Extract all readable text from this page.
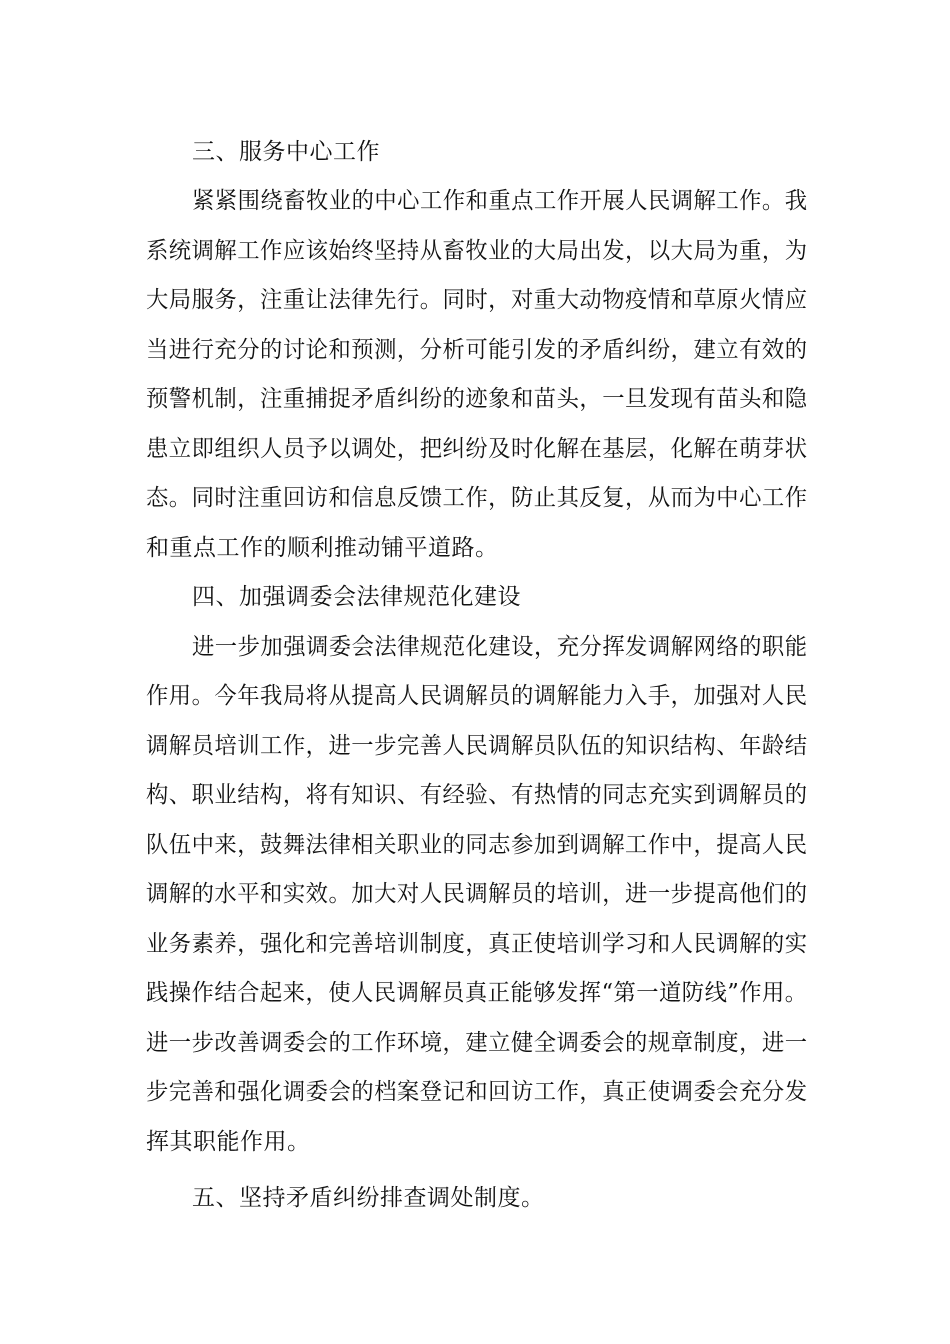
三、服务中心工作
紧紧围绕畜牧业的中心工作和重点工作开展人民调解工作。我
系统调解工作应该始终坚持从畜牧业的大局出发，以大局为重，为
大局服务，注重让法律先行。同时，对重大动物疫情和草原火情应
当进行充分的讨论和预测，分析可能引发的矛盾纠纷，建立有效的
预警机制，注重捕捉矛盾纠纷的迹象和苗头，一旦发现有苗头和隐
患立即组织人员予以调处，把纠纷及时化解在基层，化解在萌芽状
态。同时注重回访和信息反馈工作，防止其反复，从而为中心工作
和重点工作的顺利推动铺平道路。
四、加强调委会法律规范化建设
进一步加强调委会法律规范化建设，充分挥发调解网络的职能
作用。今年我局将从提高人民调解员的调解能力入手，加强对人民
调解员培训工作，进一步完善人民调解员队伍的知识结构、年龄结
构、职业结构，将有知识、有经验、有热情的同志充实到调解员的
队伍中来，鼓舞法律相关职业的同志参加到调解工作中，提高人民
调解的水平和实效。加大对人民调解员的培训，进一步提高他们的
业务素养，强化和完善培训制度，真正使培训学习和人民调解的实
践操作结合起来，使人民调解员真正能够发挥“第一道防线”作用。
进一步改善调委会的工作环境，建立健全调委会的规章制度，进一
步完善和强化调委会的档案登记和回访工作，真正使调委会充分发
挥其职能作用。
五、坚持矛盾纠纷排查调处制度。
